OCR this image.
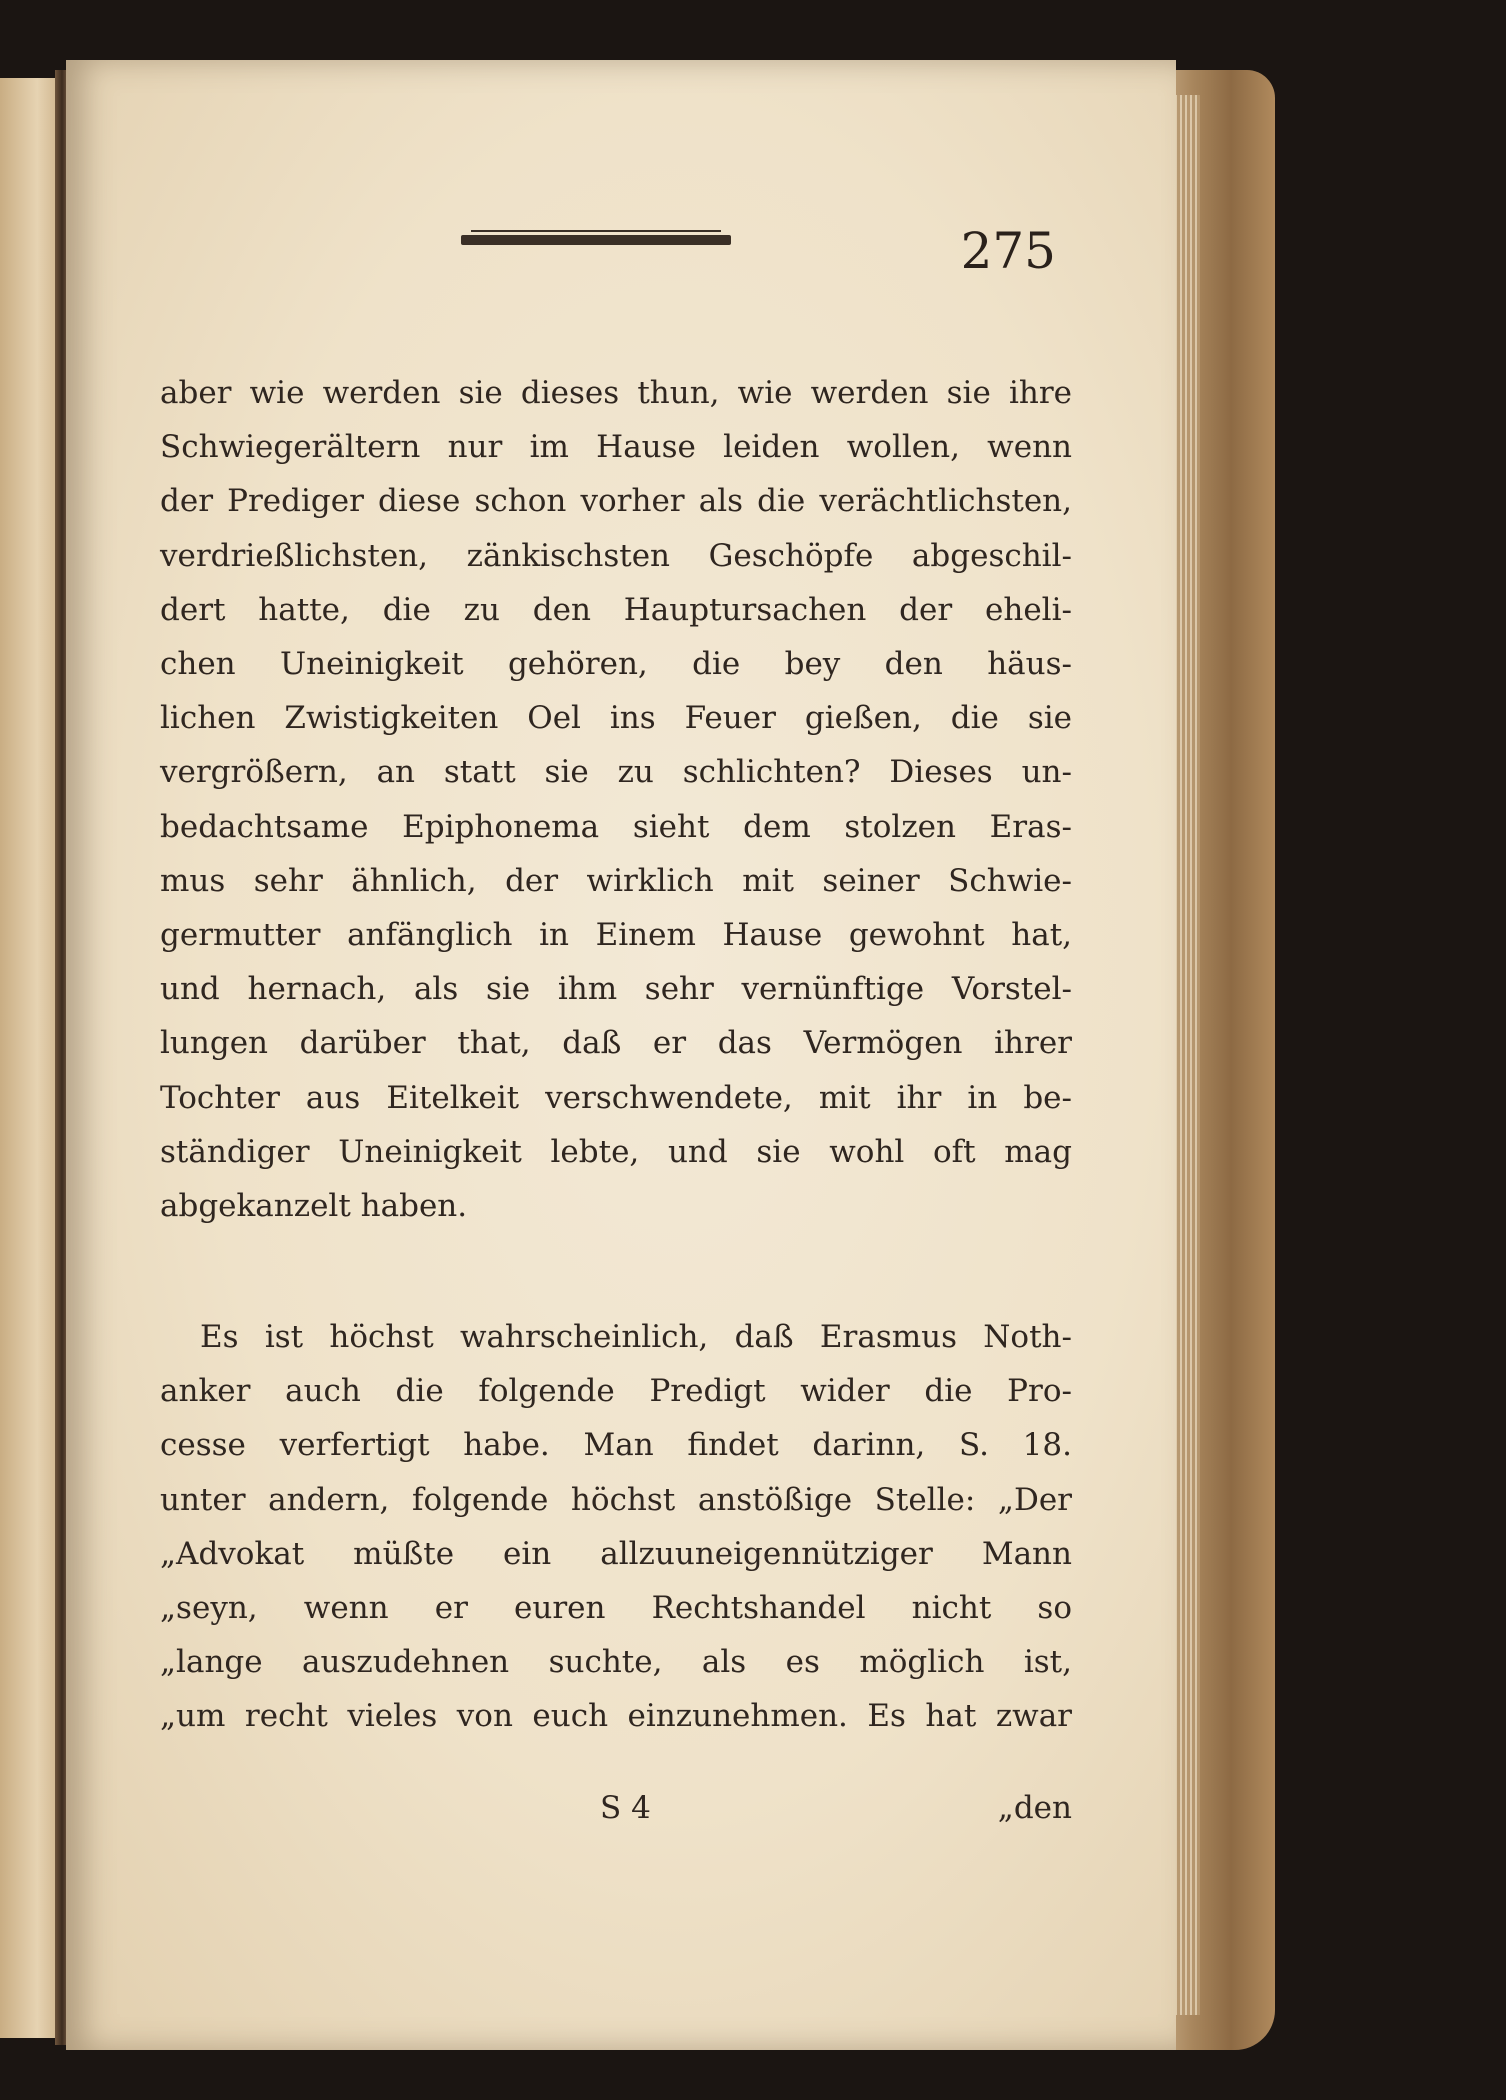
275
aber wie werden sie dieses thun, wie werden sie ihre
Schwiegerältern nur im Hause leiden wollen, wenn
der Prediger diese schon vorher als die verächtlichsten,
verdrießlichsten, zänkischsten Geschöpfe abgeschil-
dert hatte, die zu den Hauptursachen der eheli-
chen Uneinigkeit gehören, die bey den häus-
lichen Zwistigkeiten Oel ins Feuer gießen, die sie
vergrößern, an statt sie zu schlichten? Dieses un-
bedachtsame Epiphonema sieht dem stolzen Eras-
mus sehr ähnlich, der wirklich mit seiner Schwie-
germutter anfänglich in Einem Hause gewohnt hat,
und hernach, als sie ihm sehr vernünftige Vorstel-
lungen darüber that, daß er das Vermögen ihrer
Tochter aus Eitelkeit verschwendete, mit ihr in be-
ständiger Uneinigkeit lebte, und sie wohl oft mag
abgekanzelt haben.
Es ist höchst wahrscheinlich, daß Erasmus Noth-
anker auch die folgende Predigt wider die Pro-
cesse verfertigt habe. Man findet darinn, S. 18.
unter andern, folgende höchst anstößige Stelle: „Der
„Advokat müßte ein allzuuneigennütziger Mann
„seyn, wenn er euren Rechtshandel nicht so
„lange auszudehnen suchte, als es möglich ist,
„um recht vieles von euch einzunehmen. Es hat zwar
S 4	„den
